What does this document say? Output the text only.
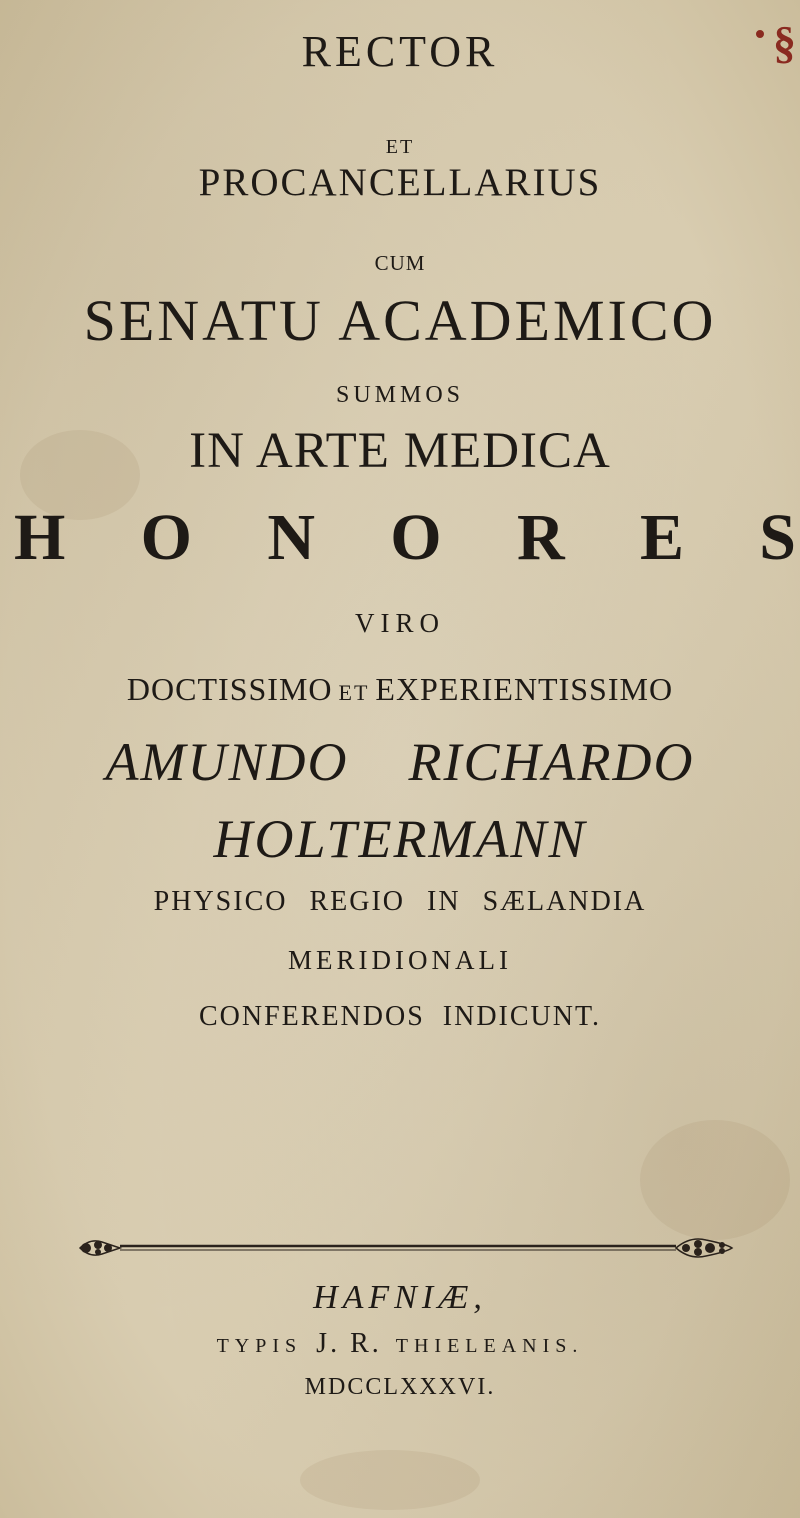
§
RECTOR
ET
PROCANCELLARIUS
CUM
SENATU ACADEMICO
SUMMOS
IN ARTE MEDICA
H O N O R E S
VIRO
DOCTISSIMO ET EXPERIENTISSIMO
AMUNDO RICHARDO
HOLTERMANN
PHYSICO REGIO IN SÆLANDIA
MERIDIONALI
CONFERENDOS INDICUNT.
HAFNIÆ,
TYPIS J. R. THIELEANIS.
MDCCLXXXVI.
